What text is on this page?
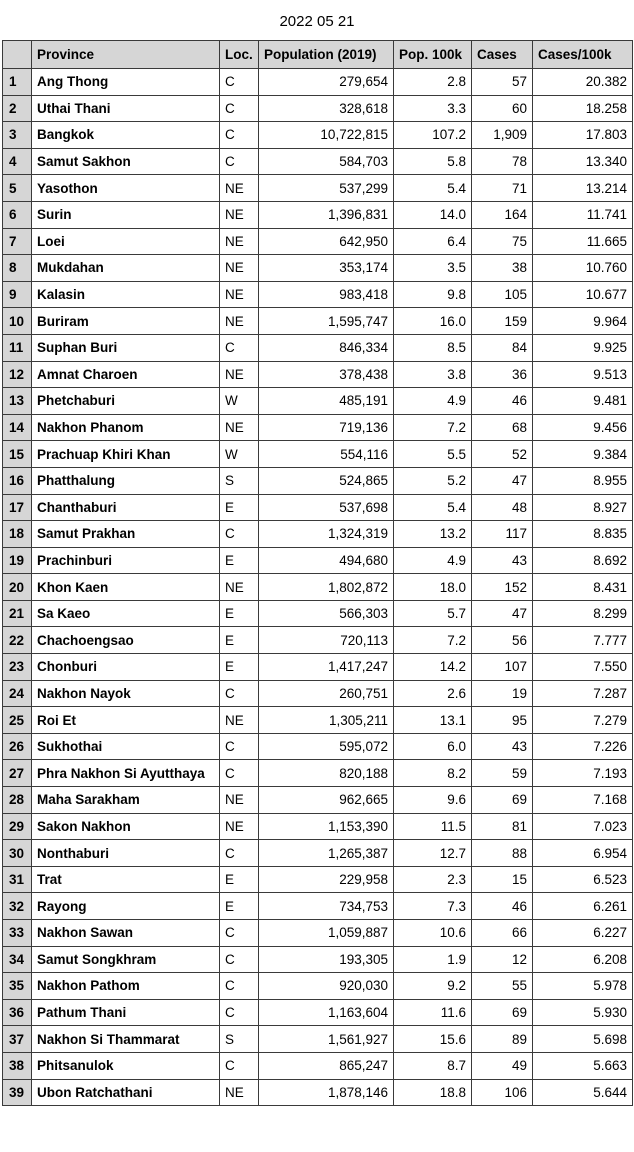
2022 05 21
	Province	Loc.	Population (2019)	Pop. 100k	Cases	Cases/100k
1	Ang Thong	C	279,654	2.8	57	20.382
2	Uthai Thani	C	328,618	3.3	60	18.258
3	Bangkok	C	10,722,815	107.2	1,909	17.803
4	Samut Sakhon	C	584,703	5.8	78	13.340
5	Yasothon	NE	537,299	5.4	71	13.214
6	Surin	NE	1,396,831	14.0	164	11.741
7	Loei	NE	642,950	6.4	75	11.665
8	Mukdahan	NE	353,174	3.5	38	10.760
9	Kalasin	NE	983,418	9.8	105	10.677
10	Buriram	NE	1,595,747	16.0	159	9.964
11	Suphan Buri	C	846,334	8.5	84	9.925
12	Amnat Charoen	NE	378,438	3.8	36	9.513
13	Phetchaburi	W	485,191	4.9	46	9.481
14	Nakhon Phanom	NE	719,136	7.2	68	9.456
15	Prachuap Khiri Khan	W	554,116	5.5	52	9.384
16	Phatthalung	S	524,865	5.2	47	8.955
17	Chanthaburi	E	537,698	5.4	48	8.927
18	Samut Prakhan	C	1,324,319	13.2	117	8.835
19	Prachinburi	E	494,680	4.9	43	8.692
20	Khon Kaen	NE	1,802,872	18.0	152	8.431
21	Sa Kaeo	E	566,303	5.7	47	8.299
22	Chachoengsao	E	720,113	7.2	56	7.777
23	Chonburi	E	1,417,247	14.2	107	7.550
24	Nakhon Nayok	C	260,751	2.6	19	7.287
25	Roi Et	NE	1,305,211	13.1	95	7.279
26	Sukhothai	C	595,072	6.0	43	7.226
27	Phra Nakhon Si Ayutthaya	C	820,188	8.2	59	7.193
28	Maha Sarakham	NE	962,665	9.6	69	7.168
29	Sakon Nakhon	NE	1,153,390	11.5	81	7.023
30	Nonthaburi	C	1,265,387	12.7	88	6.954
31	Trat	E	229,958	2.3	15	6.523
32	Rayong	E	734,753	7.3	46	6.261
33	Nakhon Sawan	C	1,059,887	10.6	66	6.227
34	Samut Songkhram	C	193,305	1.9	12	6.208
35	Nakhon Pathom	C	920,030	9.2	55	5.978
36	Pathum Thani	C	1,163,604	11.6	69	5.930
37	Nakhon Si Thammarat	S	1,561,927	15.6	89	5.698
38	Phitsanulok	C	865,247	8.7	49	5.663
39	Ubon Ratchathani	NE	1,878,146	18.8	106	5.644
